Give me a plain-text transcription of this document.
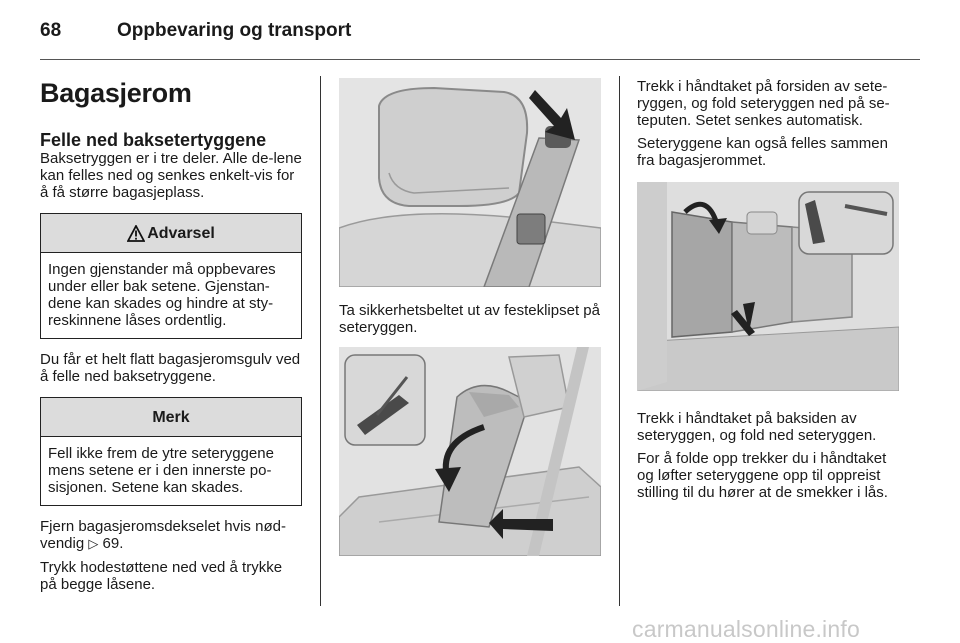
68	Oppbevaring og transport
Bagasjerom
Felle ned baksetertyggene

Baksetryggen er i tre deler. Alle de-lene kan felles ned og senkes enkelt-vis for å få større bagasjeplass.

Advarsel
Ingen gjenstander må oppbevares under eller bak setene. Gjenstan-dene kan skades og hindre at sty-reskinnene låses ordentlig.

Du får et helt flatt bagasjeromsgulv ved å felle ned baksetryggene.

Merk
Fell ikke frem de ytre seteryggene mens setene er i den innerste po-sisjonen. Setene kan skades.

Fjern bagasjeromsdekselet hvis nød-vendig ▷ 69.

Trykk hodestøttene ned ved å trykke på begge låsene.

Ta sikkerhetsbeltet ut av festeklipset på seteryggen.

Trekk i håndtaket på forsiden av sete-ryggen, og fold seteryggen ned på se-teputen. Setet senkes automatisk.

Seteryggene kan også felles sammen fra bagasjerommet.

Trekk i håndtaket på baksiden av seteryggen, og fold ned seteryggen.

For å folde opp trekker du i håndtaket og løfter seteryggene opp til oppreist stilling til du hører at de smekker i lås.

carmanualsonline.info
